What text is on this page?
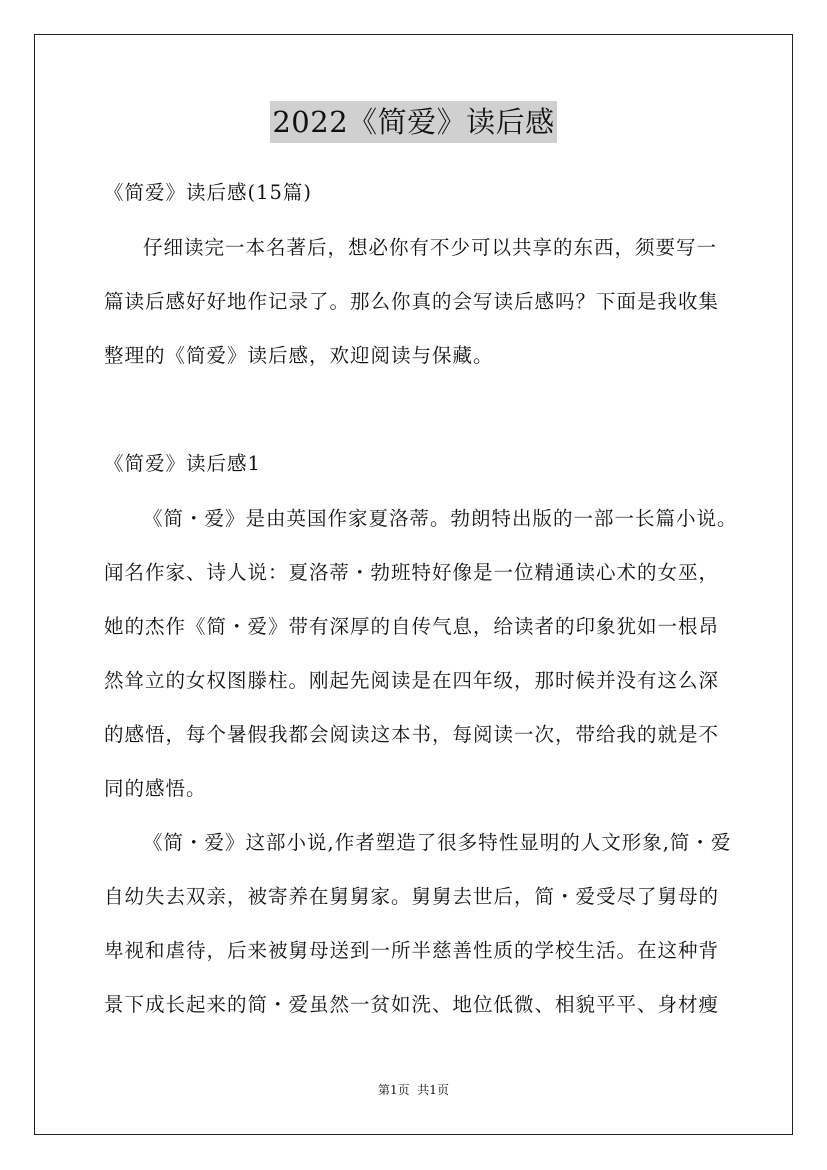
2022《简爱》读后感
《简爱》读后感(15篇)
仔细读完一本名著后，想必你有不少可以共享的东西，须要写一
篇读后感好好地作记录了。那么你真的会写读后感吗？下面是我收集
整理的《简爱》读后感，欢迎阅读与保藏。
《简爱》读后感1
《简・爱》是由英国作家夏洛蒂。勃朗特出版的一部一长篇小说。
闻名作家、诗人说：夏洛蒂・勃班特好像是一位精通读心术的女巫，
她的杰作《简・爱》带有深厚的自传气息，给读者的印象犹如一根昂
然耸立的女权图滕柱。刚起先阅读是在四年级，那时候并没有这么深
的感悟，每个暑假我都会阅读这本书，每阅读一次，带给我的就是不
同的感悟。
《简・爱》这部小说,作者塑造了很多特性显明的人文形象,简・爱
自幼失去双亲，被寄养在舅舅家。舅舅去世后，简・爱受尽了舅母的
卑视和虐待，后来被舅母送到一所半慈善性质的学校生活。在这种背
景下成长起来的简・爱虽然一贫如洗、地位低微、相貌平平、身材瘦
第1页  共1页
